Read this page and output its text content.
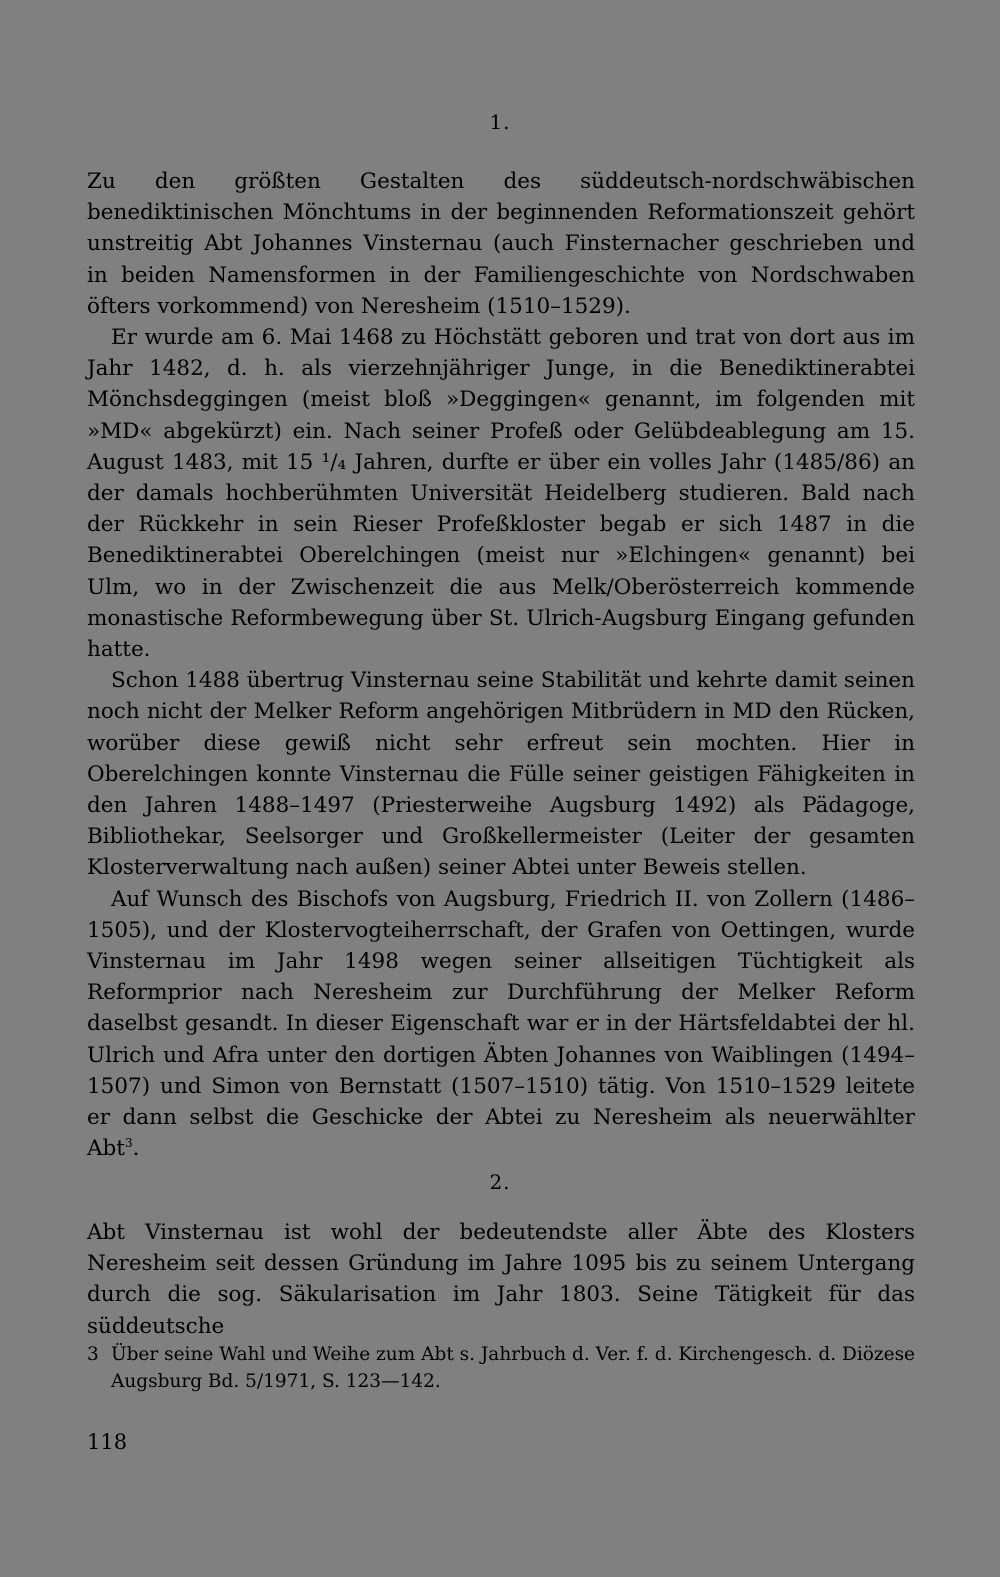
1.

Zu den größten Gestalten des süddeutsch-nordschwäbischen benediktinischen Mönchtums in der beginnenden Reformationszeit gehört unstreitig Abt Johannes Vinsternau (auch Finsternacher geschrieben und in beiden Namensformen in der Familiengeschichte von Nordschwaben öfters vorkommend) von Neresheim (1510–1529).

Er wurde am 6. Mai 1468 zu Höchstätt geboren und trat von dort aus im Jahr 1482, d. h. als vierzehnjähriger Junge, in die Benediktinerabtei Mönchsdeggingen (meist bloß »Deggingen« genannt, im folgenden mit »MD« abgekürzt) ein. Nach seiner Profeß oder Gelübdeablegung am 15. August 1483, mit 15 ¹/₄ Jahren, durfte er über ein volles Jahr (1485/86) an der damals hochberühmten Universität Heidelberg studieren. Bald nach der Rückkehr in sein Rieser Profeßkloster begab er sich 1487 in die Benediktinerabtei Oberelchingen (meist nur »Elchingen« genannt) bei Ulm, wo in der Zwischenzeit die aus Melk/Oberösterreich kommende monastische Reformbewegung über St. Ulrich-Augsburg Eingang gefunden hatte.

Schon 1488 übertrug Vinsternau seine Stabilität und kehrte damit seinen noch nicht der Melker Reform angehörigen Mitbrüdern in MD den Rücken, worüber diese gewiß nicht sehr erfreut sein mochten. Hier in Oberelchingen konnte Vinsternau die Fülle seiner geistigen Fähigkeiten in den Jahren 1488–1497 (Priesterweihe Augsburg 1492) als Pädagoge, Bibliothekar, Seelsorger und Großkellermeister (Leiter der gesamten Klosterverwaltung nach außen) seiner Abtei unter Beweis stellen.

Auf Wunsch des Bischofs von Augsburg, Friedrich II. von Zollern (1486–1505), und der Klostervogteiherrschaft, der Grafen von Oettingen, wurde Vinsternau im Jahr 1498 wegen seiner allseitigen Tüchtigkeit als Reformprior nach Neresheim zur Durchführung der Melker Reform daselbst gesandt. In dieser Eigenschaft war er in der Härtsfeldabtei der hl. Ulrich und Afra unter den dortigen Äbten Johannes von Waiblingen (1494–1507) und Simon von Bernstatt (1507–1510) tätig. Von 1510–1529 leitete er dann selbst die Geschicke der Abtei zu Neresheim als neuerwählter Abt$^3$.

2.

Abt Vinsternau ist wohl der bedeutendste aller Äbte des Klosters Neresheim seit dessen Gründung im Jahre 1095 bis zu seinem Untergang durch die sog. Säkularisation im Jahr 1803. Seine Tätigkeit für das süddeutsche

3 Über seine Wahl und Weihe zum Abt s. Jahrbuch d. Ver. f. d. Kirchengesch. d. Diözese Augsburg Bd. 5/1971, S. 123—142.
118
